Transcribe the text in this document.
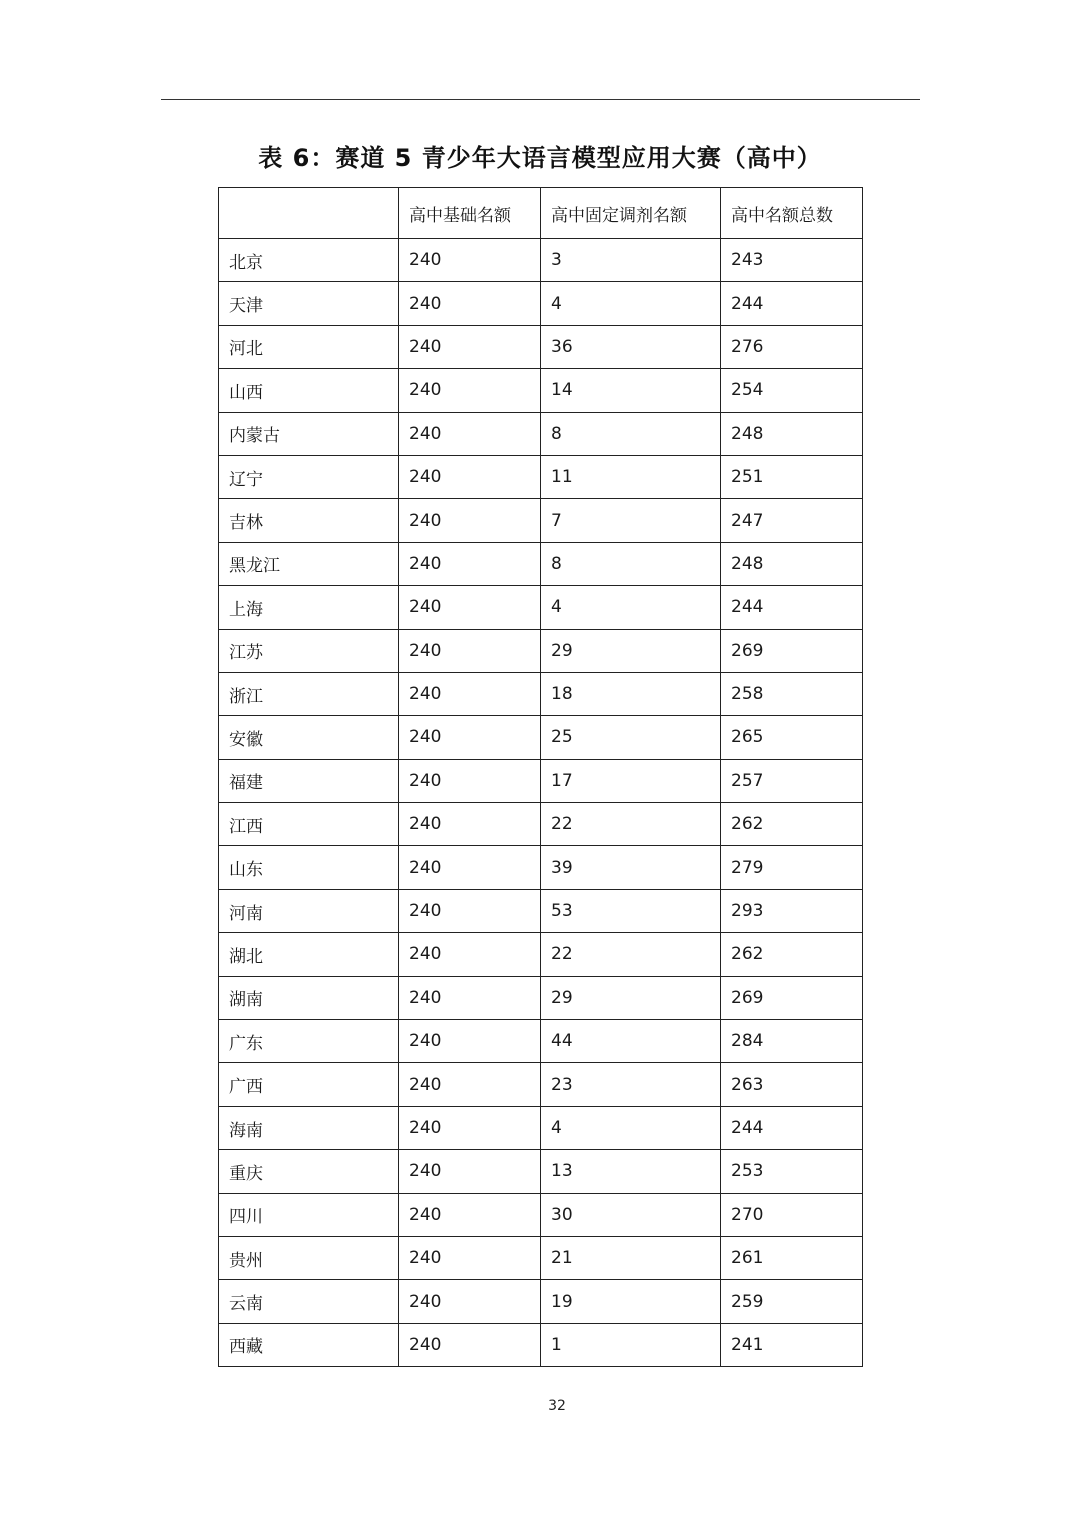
表 6：赛道 5 青少年大语言模型应用大赛（高中）
	高中基础名额	高中固定调剂名额	高中名额总数
北京	240	3	243
天津	240	4	244
河北	240	36	276
山西	240	14	254
内蒙古	240	8	248
辽宁	240	11	251
吉林	240	7	247
黑龙江	240	8	248
上海	240	4	244
江苏	240	29	269
浙江	240	18	258
安徽	240	25	265
福建	240	17	257
江西	240	22	262
山东	240	39	279
河南	240	53	293
湖北	240	22	262
湖南	240	29	269
广东	240	44	284
广西	240	23	263
海南	240	4	244
重庆	240	13	253
四川	240	30	270
贵州	240	21	261
云南	240	19	259
西藏	240	1	241
32
